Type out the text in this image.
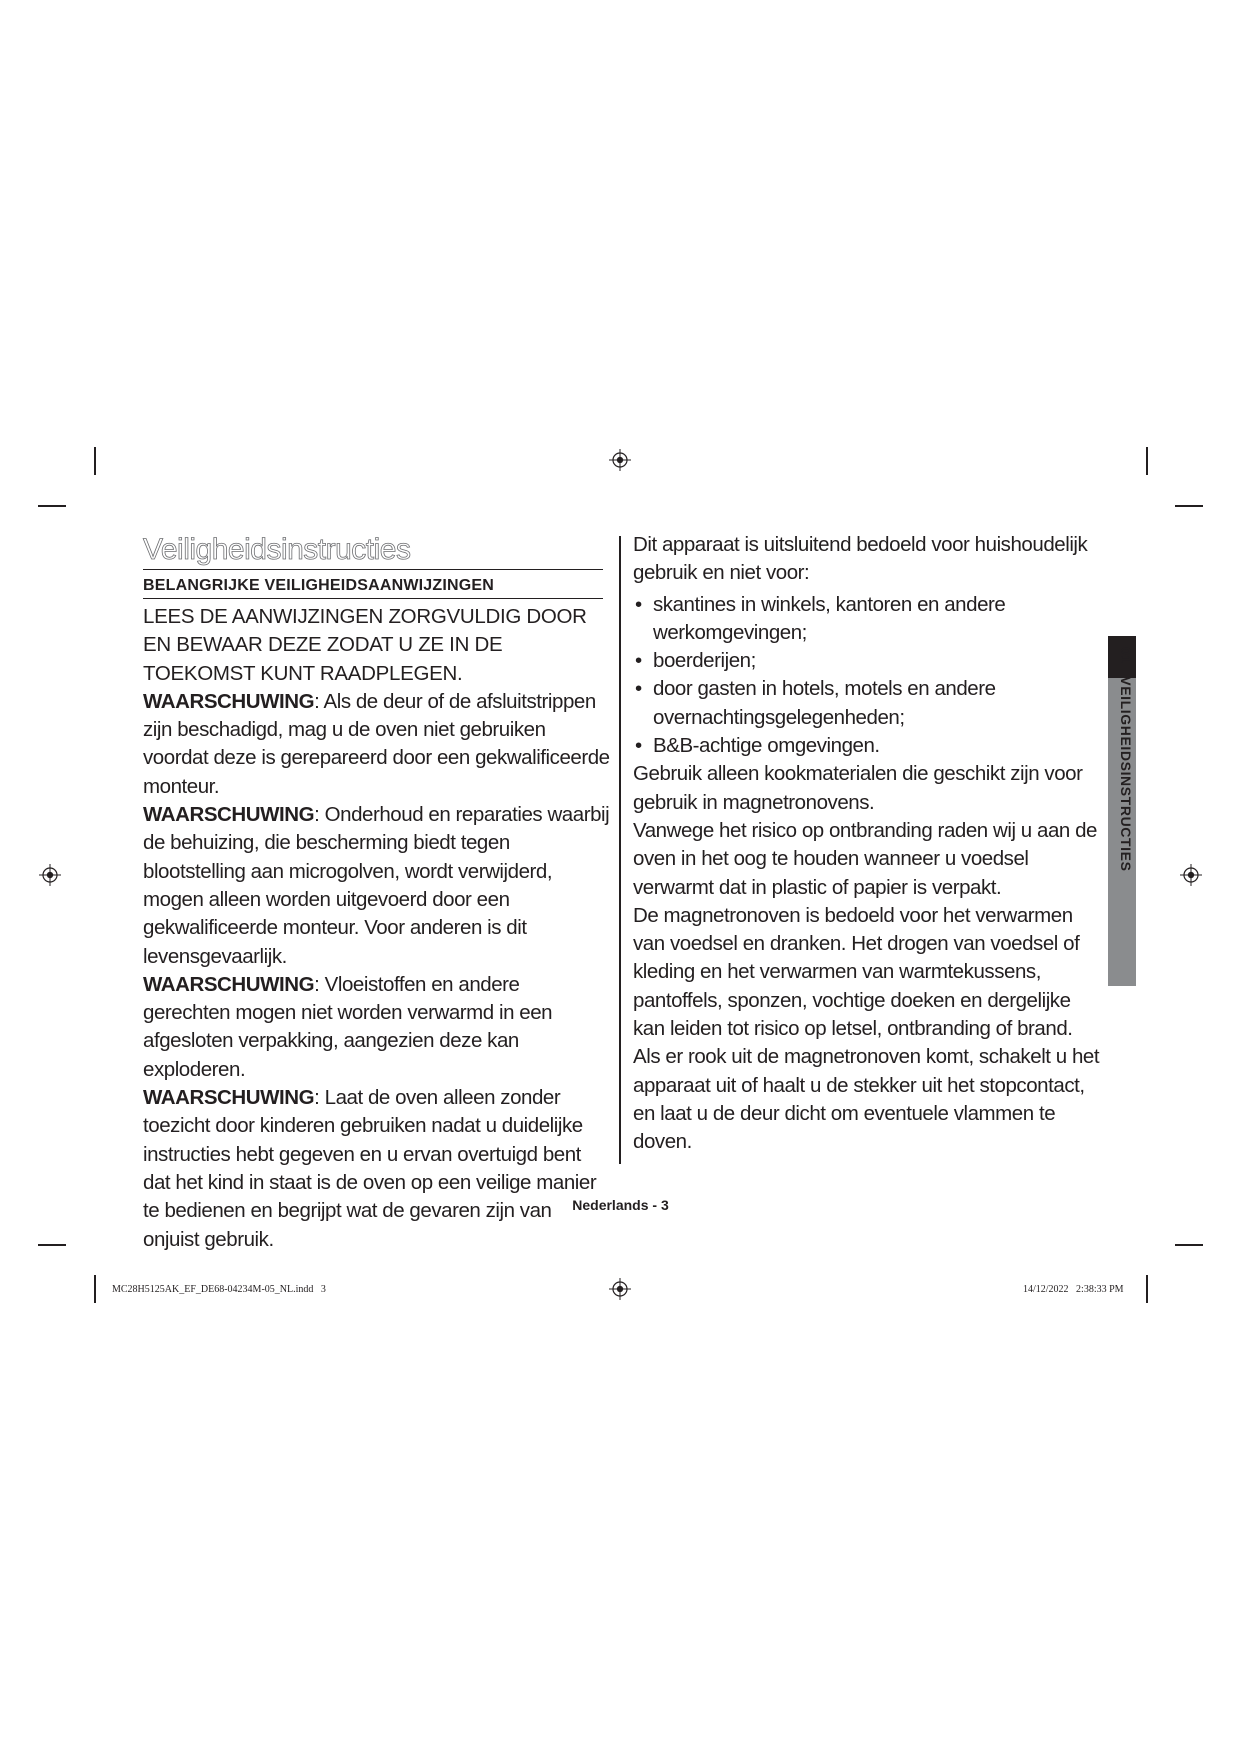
Veiligheidsinstructies
BELANGRIJKE VEILIGHEIDSAANWIJZINGEN

LEES DE AANWIJZINGEN ZORGVULDIG DOOR EN BEWAAR DEZE ZODAT U ZE IN DE TOEKOMST KUNT RAADPLEGEN.

WAARSCHUWING: Als de deur of de afsluitstrippen zijn beschadigd, mag u de oven niet gebruiken voordat deze is gerepareerd door een gekwalificeerde monteur.

WAARSCHUWING: Onderhoud en reparaties waarbij de behuizing, die bescherming biedt tegen blootstelling aan microgolven, wordt verwijderd, mogen alleen worden uitgevoerd door een gekwalificeerde monteur. Voor anderen is dit levensgevaarlijk.

WAARSCHUWING: Vloeistoffen en andere gerechten mogen niet worden verwarmd in een afgesloten verpakking, aangezien deze kan exploderen.

WAARSCHUWING: Laat de oven alleen zonder toezicht door kinderen gebruiken nadat u duidelijke instructies hebt gegeven en u ervan overtuigd bent dat het kind in staat is de oven op een veilige manier te bedienen en begrijpt wat de gevaren zijn van onjuist gebruik.

Dit apparaat is uitsluitend bedoeld voor huishoudelijk gebruik en niet voor:

• skantines in winkels, kantoren en andere werkomgevingen;
• boerderijen;
• door gasten in hotels, motels en andere overnachtingsgelegenheden;
• B&B-achtige omgevingen.

Gebruik alleen kookmaterialen die geschikt zijn voor gebruik in magnetronovens.

Vanwege het risico op ontbranding raden wij u aan de oven in het oog te houden wanneer u voedsel verwarmt dat in plastic of papier is verpakt.

De magnetronoven is bedoeld voor het verwarmen van voedsel en dranken. Het drogen van voedsel of kleding en het verwarmen van warmtekussens, pantoffels, sponzen, vochtige doeken en dergelijke kan leiden tot risico op letsel, ontbranding of brand.

Als er rook uit de magnetronoven komt, schakelt u het apparaat uit of haalt u de stekker uit het stopcontact, en laat u de deur dicht om eventuele vlammen te doven.

01 VEILIGHEIDSINSTRUCTIES
Nederlands - 3
MC28H5125AK_EF_DE68-04234M-05_NL.indd   3	14/12/2022   2:38:33 PM
